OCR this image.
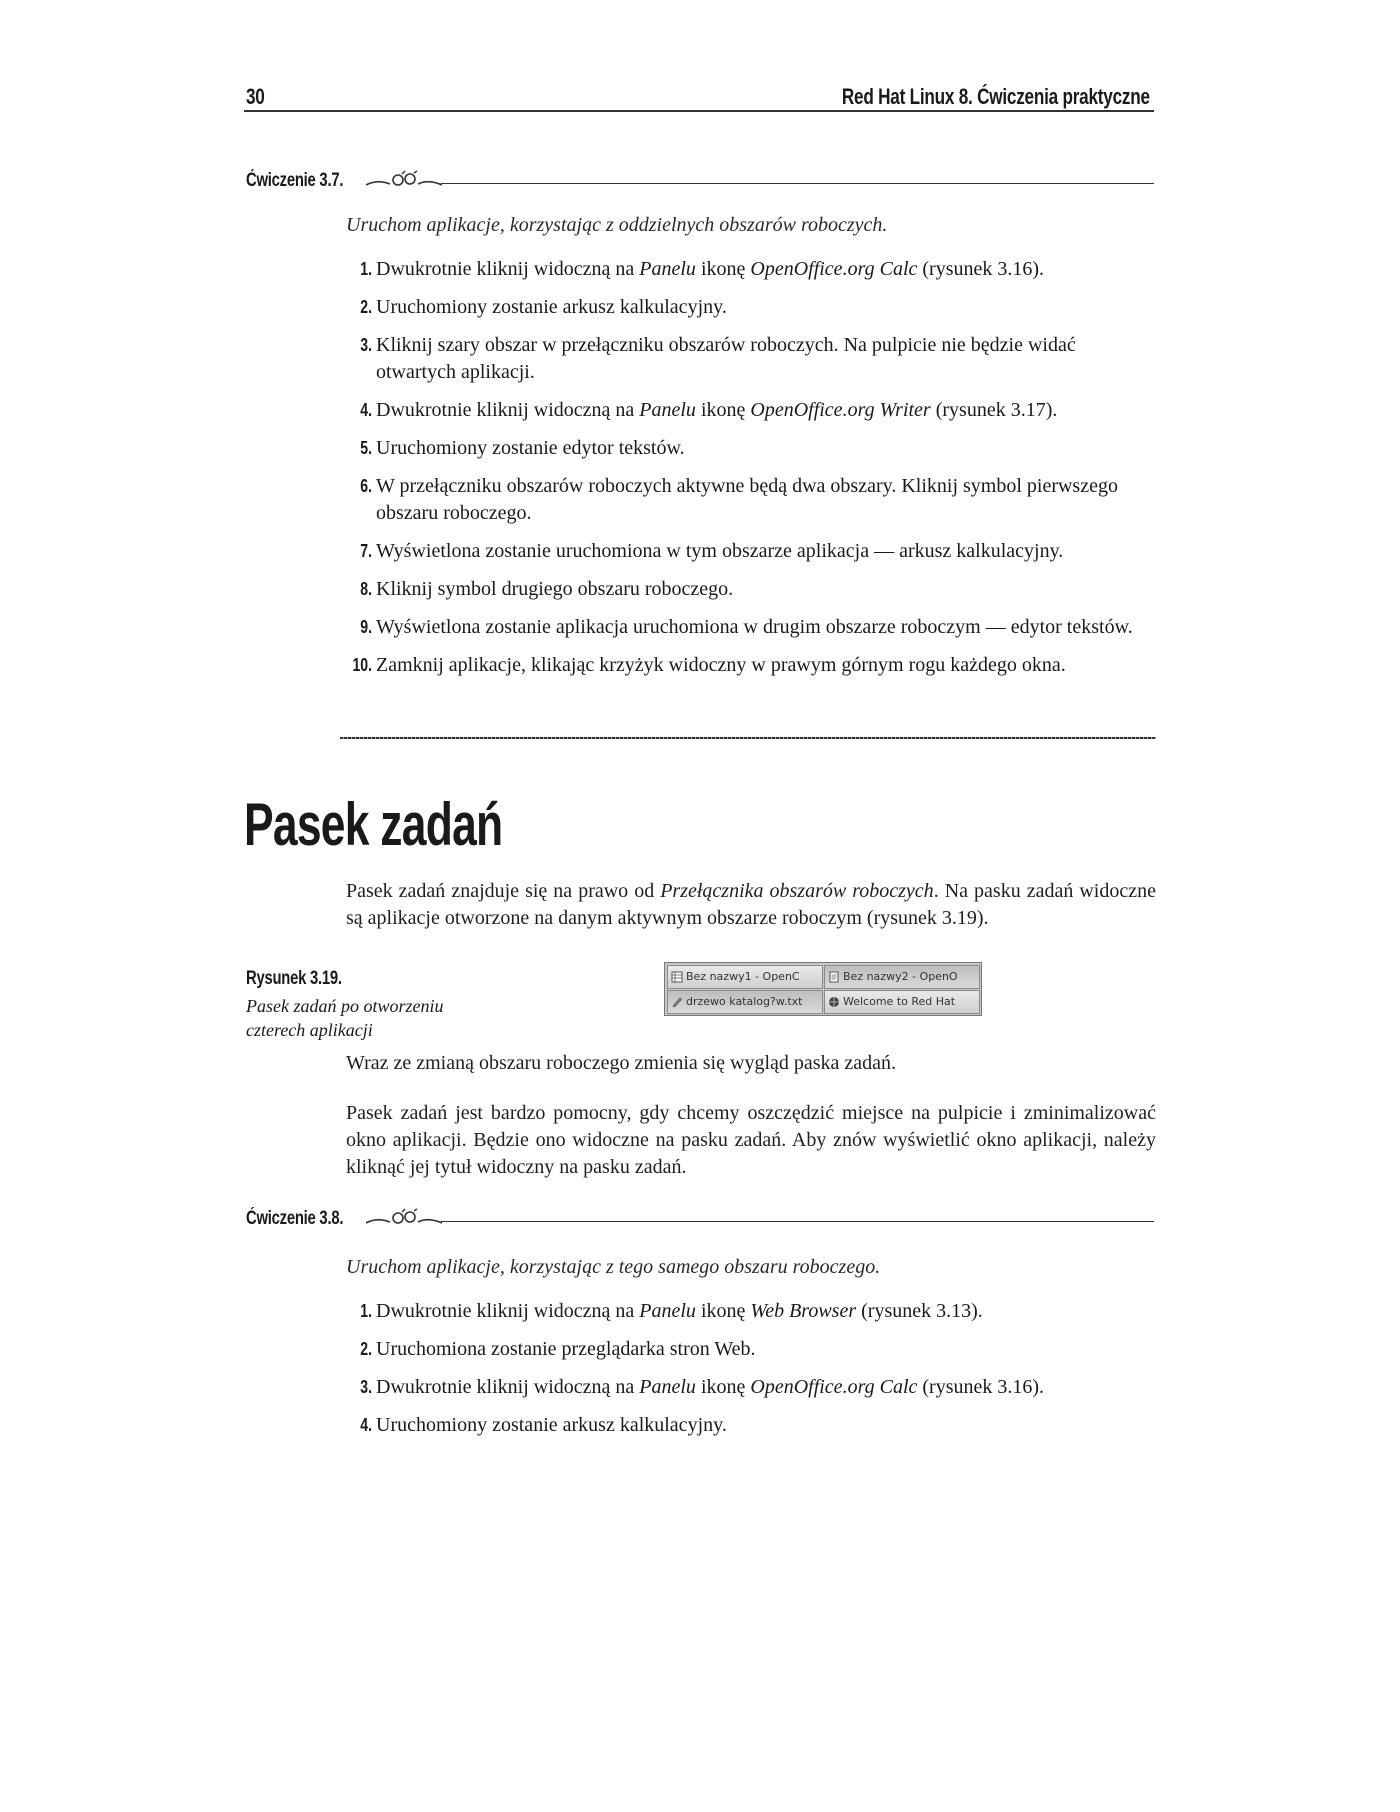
30	Red Hat Linux 8. Ćwiczenia praktyczne
Ćwiczenie 3.7.
Uruchom aplikacje, korzystając z oddzielnych obszarów roboczych.
1. Dwukrotnie kliknij widoczną na Panelu ikonę OpenOffice.org Calc (rysunek 3.16).
2. Uruchomiony zostanie arkusz kalkulacyjny.
3. Kliknij szary obszar w przełączniku obszarów roboczych. Na pulpicie nie będzie widać otwartych aplikacji.
4. Dwukrotnie kliknij widoczną na Panelu ikonę OpenOffice.org Writer (rysunek 3.17).
5. Uruchomiony zostanie edytor tekstów.
6. W przełączniku obszarów roboczych aktywne będą dwa obszary. Kliknij symbol pierwszego obszaru roboczego.
7. Wyświetlona zostanie uruchomiona w tym obszarze aplikacja — arkusz kalkulacyjny.
8. Kliknij symbol drugiego obszaru roboczego.
9. Wyświetlona zostanie aplikacja uruchomiona w drugim obszarze roboczym — edytor tekstów.
10. Zamknij aplikacje, klikając krzyżyk widoczny w prawym górnym rogu każdego okna.
Pasek zadań
Pasek zadań znajduje się na prawo od Przełącznika obszarów roboczych. Na pasku zadań widoczne są aplikacje otworzone na danym aktywnym obszarze roboczym (rysunek 3.19).
Rysunek 3.19.
Pasek zadań po otworzeniu czterech aplikacji
Bez nazwy1 - OpenC	Bez nazwy2 - OpenO
drzewo katalog?w.txt	Welcome to Red Hat
Wraz ze zmianą obszaru roboczego zmienia się wygląd paska zadań.
Pasek zadań jest bardzo pomocny, gdy chcemy oszczędzić miejsce na pulpicie i zminimalizować okno aplikacji. Będzie ono widoczne na pasku zadań. Aby znów wyświetlić okno aplikacji, należy kliknąć jej tytuł widoczny na pasku zadań.
Ćwiczenie 3.8.
Uruchom aplikacje, korzystając z tego samego obszaru roboczego.
1. Dwukrotnie kliknij widoczną na Panelu ikonę Web Browser (rysunek 3.13).
2. Uruchomiona zostanie przeglądarka stron Web.
3. Dwukrotnie kliknij widoczną na Panelu ikonę OpenOffice.org Calc (rysunek 3.16).
4. Uruchomiony zostanie arkusz kalkulacyjny.
